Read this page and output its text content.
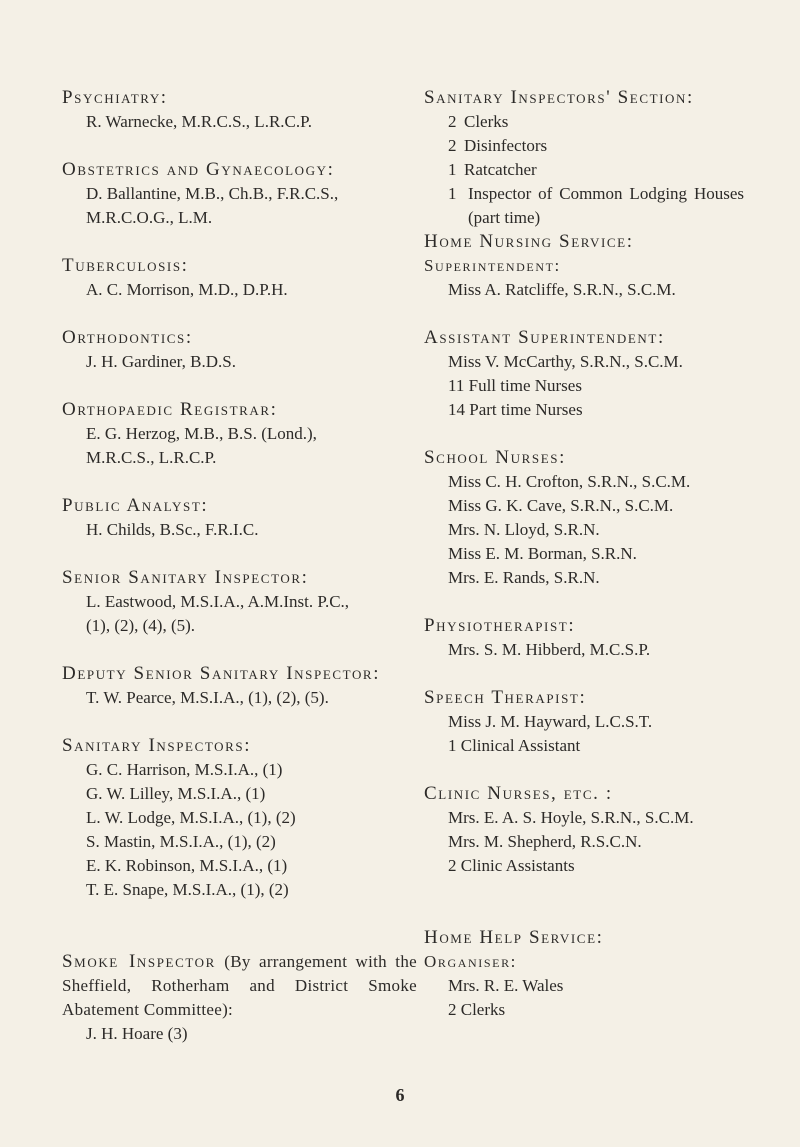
Psychiatry:

R. Warnecke, M.R.C.S., L.R.C.P.

Obstetrics and Gynaecology:

D. Ballantine, M.B., Ch.B., F.R.C.S.,

M.R.C.O.G., L.M.

Tuberculosis:

A. C. Morrison, M.D., D.P.H.

Orthodontics:

J. H. Gardiner, B.D.S.

Orthopaedic Registrar:

E. G. Herzog, M.B., B.S. (Lond.),

M.R.C.S., L.R.C.P.

Public Analyst:

H. Childs, B.Sc., F.R.I.C.

Senior Sanitary Inspector:

L. Eastwood, M.S.I.A., A.M.Inst. P.C.,

(1), (2), (4), (5).

Deputy Senior Sanitary Inspector:

T. W. Pearce, M.S.I.A., (1), (2), (5).

Sanitary Inspectors:

G. C. Harrison, M.S.I.A., (1)

G. W. Lilley, M.S.I.A., (1)

L. W. Lodge, M.S.I.A., (1), (2)

S. Mastin, M.S.I.A., (1), (2)

E. K. Robinson, M.S.I.A., (1)

T. E. Snape, M.S.I.A., (1), (2)

Smoke Inspector (By arrangement with the Sheffield, Rotherham and District Smoke Abatement Committee):

J. H. Hoare (3)

Sanitary Inspectors' Section:

2 Clerks

2 Disinfectors

1 Ratcatcher

1 Inspector of Common Lodging Houses (part time)

Home Nursing Service:

Superintendent:

Miss A. Ratcliffe, S.R.N., S.C.M.

Assistant Superintendent:

Miss V. McCarthy, S.R.N., S.C.M.

11 Full time Nurses

14 Part time Nurses

School Nurses:

Miss C. H. Crofton, S.R.N., S.C.M.

Miss G. K. Cave, S.R.N., S.C.M.

Mrs. N. Lloyd, S.R.N.

Miss E. M. Borman, S.R.N.

Mrs. E. Rands, S.R.N.

Physiotherapist:

Mrs. S. M. Hibberd, M.C.S.P.

Speech Therapist:

Miss J. M. Hayward, L.C.S.T.

1 Clinical Assistant

Clinic Nurses, etc. :

Mrs. E. A. S. Hoyle, S.R.N., S.C.M.

Mrs. M. Shepherd, R.S.C.N.

2 Clinic Assistants

Home Help Service:

Organiser:

Mrs. R. E. Wales

2 Clerks

6
